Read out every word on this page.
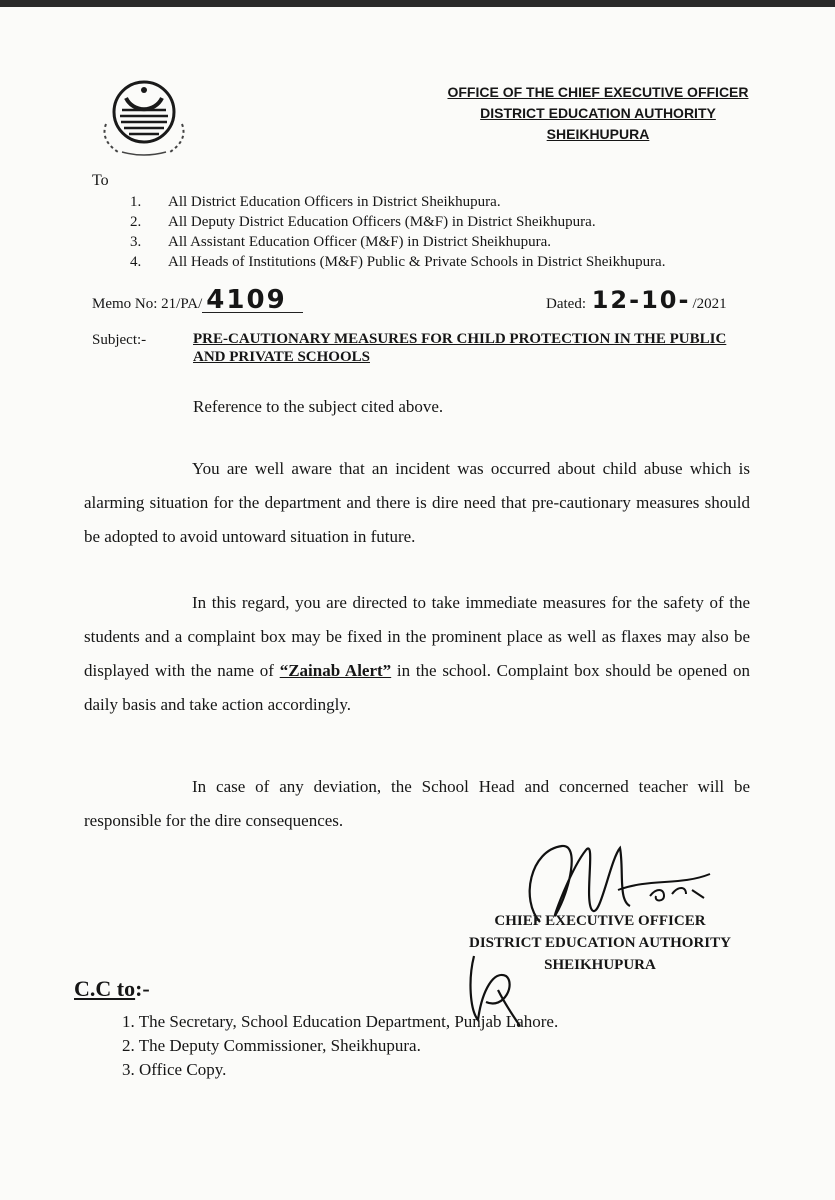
OFFICE OF THE CHIEF EXECUTIVE OFFICER
DISTRICT EDUCATION AUTHORITY
SHEIKHUPURA
To
1.	All District Education Officers in District Sheikhupura.
2.	All Deputy District Education Officers (M&F) in District Sheikhupura.
3.	All Assistant Education Officer (M&F) in District Sheikhupura.
4.	All Heads of Institutions (M&F) Public & Private Schools in District Sheikhupura.
Memo No: 21/PA/ 4109	Dated: 12-10- /2021
Subject:-	PRE-CAUTIONARY MEASURES FOR CHILD PROTECTION IN THE PUBLIC AND PRIVATE SCHOOLS
Reference to the subject cited above.
You are well aware that an incident was occurred about child abuse which is alarming situation for the department and there is dire need that pre-cautionary measures should be adopted to avoid untoward situation in future.
In this regard, you are directed to take immediate measures for the safety of the students and a complaint box may be fixed in the prominent place as well as flaxes may also be displayed with the name of “Zainab Alert” in the school. Complaint box should be opened on daily basis and take action accordingly.
In case of any deviation, the School Head and concerned teacher will be responsible for the dire consequences.
CHIEF EXECUTIVE OFFICER
DISTRICT EDUCATION AUTHORITY
SHEIKHUPURA
C.C to:-
1. The Secretary, School Education Department, Punjab Lahore.
2. The Deputy Commissioner, Sheikhupura.
3. Office Copy.
